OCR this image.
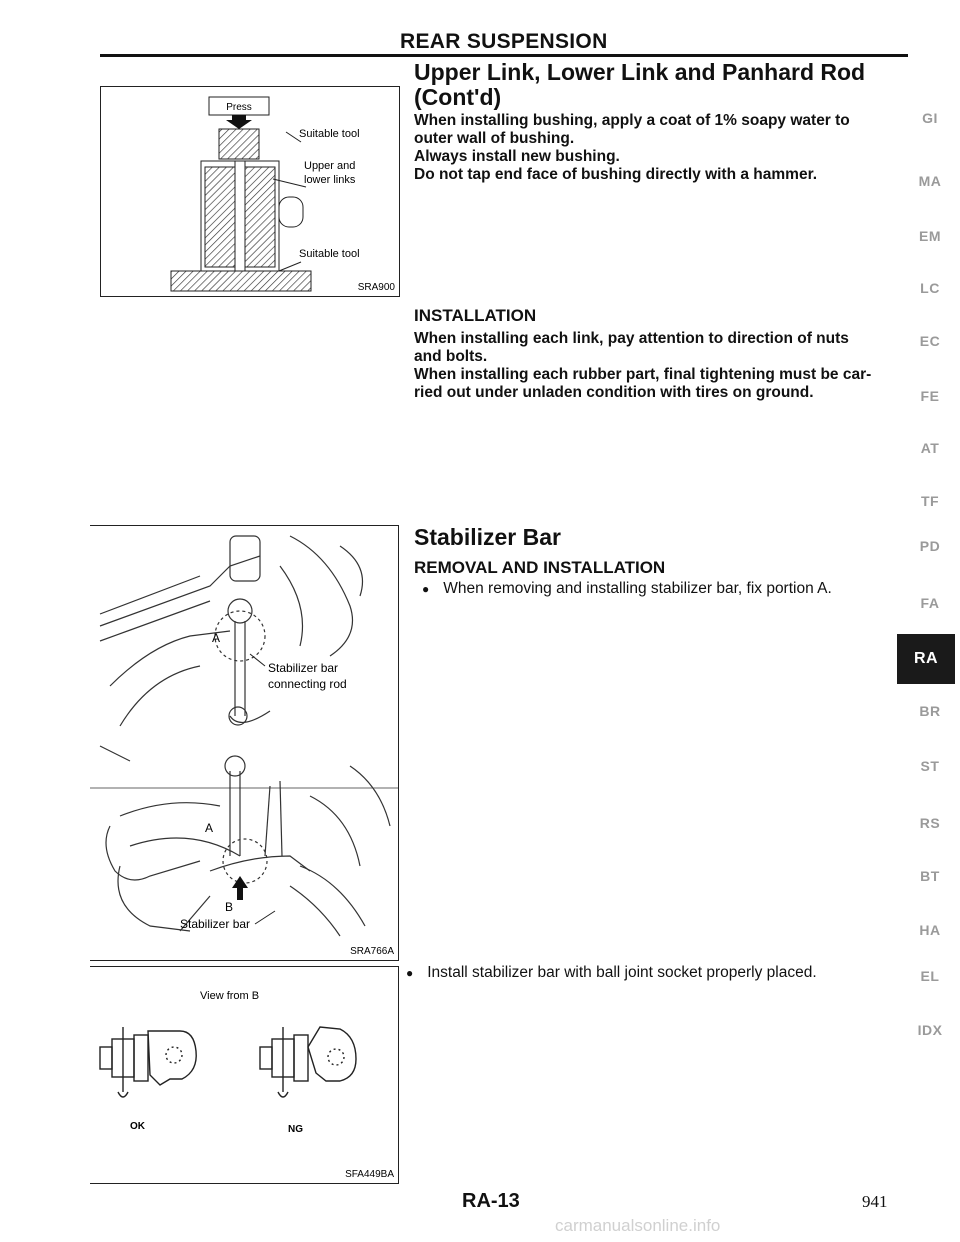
REAR SUSPENSION
Press
Suitable tool
Upper and
lower links
Suitable tool
SRA900
Upper Link, Lower Link and Panhard Rod
(Cont'd)
When installing bushing, apply a coat of 1% soapy water to
outer wall of bushing.
Always install new bushing.
Do not tap end face of bushing directly with a hammer.
INSTALLATION
When installing each link, pay attention to direction of nuts
and bolts.
When installing each rubber part, final tightening must be car-
ried out under unladen condition with tires on ground.
A
Stabilizer bar
connecting rod
A
B
Stabilizer bar
SRA766A
Stabilizer Bar
REMOVAL AND INSTALLATION
● When removing and installing stabilizer bar, fix portion A.
View from B
OK	NG
SFA449BA
● Install stabilizer bar with ball joint socket properly placed.
GI
MA
EM
LC
EC
FE
AT
TF
PD
FA
RA
BR
ST
RS
BT
HA
EL
IDX
RA-13	941
carmanualsonline.info
